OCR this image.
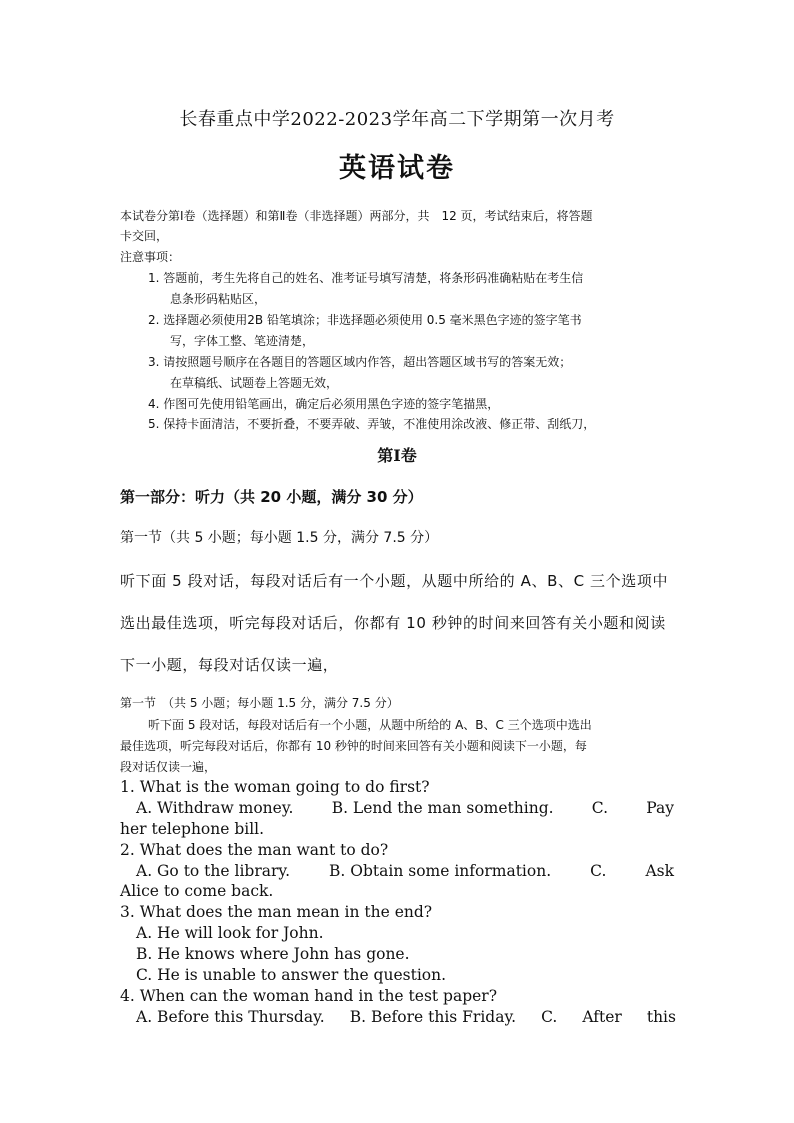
长春重点中学2022-2023学年高二下学期第一次月考
英语试卷
本试卷分第Ⅰ卷（选择题）和第Ⅱ卷（非选择题）两部分，共　12 页，考试结束后，将答题
卡交回，
注意事项：
1. 答题前，考生先将自己的姓名、准考证号填写清楚，将条形码准确粘贴在考生信
息条形码粘贴区，
2. 选择题必须使用2B 铅笔填涂；非选择题必须使用 0.5 毫米黑色字迹的签字笔书
写，字体工整、笔迹清楚，
3. 请按照题号顺序在各题目的答题区域内作答，超出答题区域书写的答案无效；
在草稿纸、试题卷上答题无效，
4. 作图可先使用铅笔画出，确定后必须用黑色字迹的签字笔描黑，
5. 保持卡面清洁，不要折叠，不要弄破、弄皱，不准使用涂改液、修正带、刮纸刀，
第Ⅰ卷
第一部分：听力（共 20 小题，满分 30 分）
第一节（共 5 小题；每小题 1.5 分，满分 7.5 分）
听下面 5 段对话，每段对话后有一个小题，从题中所给的 A、B、C 三个选项中
选出最佳选项，听完每段对话后，你都有 10 秒钟的时间来回答有关小题和阅读
下一小题，每段对话仅读一遍，
第一节　（共 5 小题；每小题 1.5 分，满分 7.5 分）
听下面 5 段对话，每段对话后有一个小题，从题中所给的 A、B、C 三个选项中选出
最佳选项，听完每段对话后，你都有 10 秒钟的时间来回答有关小题和阅读下一小题，每
段对话仅读一遍，
1. What is the woman going to do first?
A. Withdraw money. B. Lend the man something. C. Pay
her telephone bill.
2. What does the man want to do?
A. Go to the library.	B. Obtain some information.	C.	Ask
Alice to come back.
3. What does the man mean in the end?
A. He will look for John.
B. He knows where John has gone.
C. He is unable to answer the question.
4. When can the woman hand in the test paper?
A. Before this Thursday. B. Before this Friday. C. After this
